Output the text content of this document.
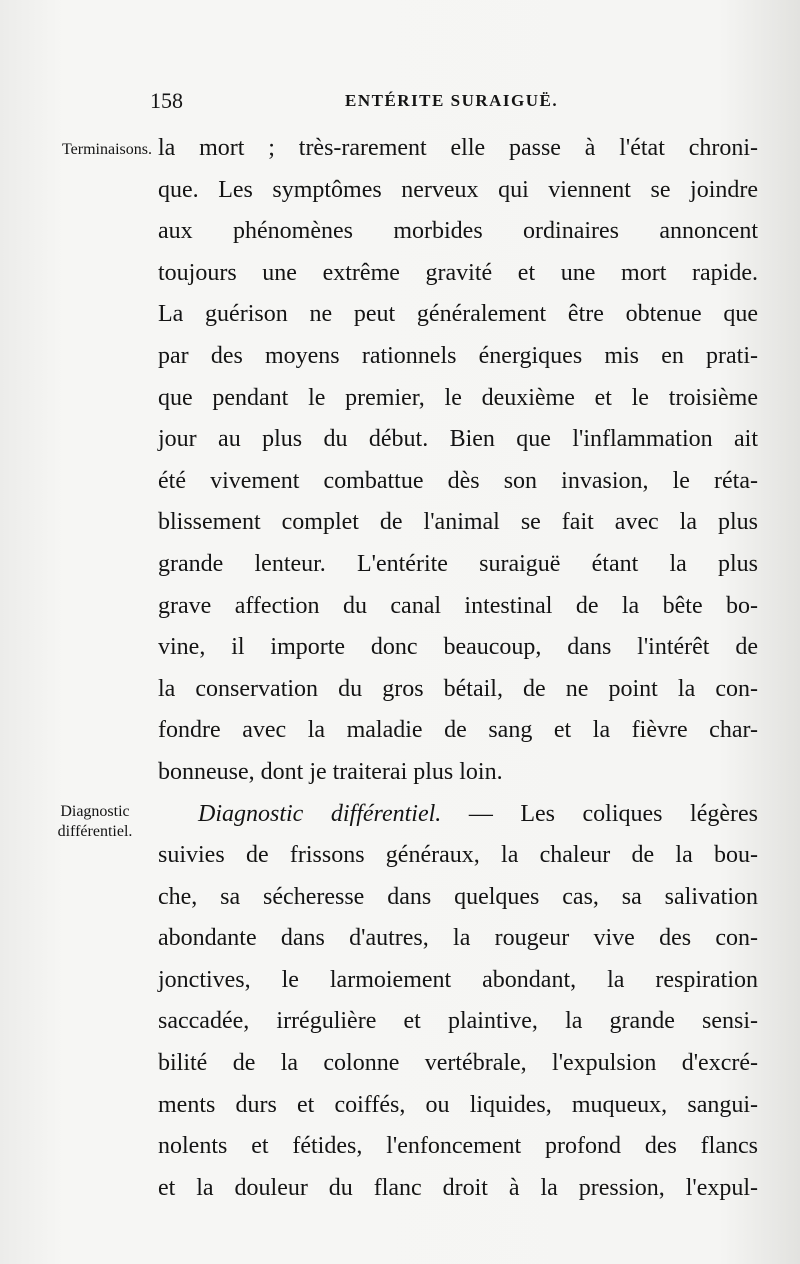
158	ENTÉRITE SURAIGUË.
Terminaisons.
Diagnostic
différentiel.
la mort ; très-rarement elle passe à l'état chroni-
que. Les symptômes nerveux qui viennent se joindre
aux phénomènes morbides ordinaires annoncent
toujours une extrême gravité et une mort rapide.
La guérison ne peut généralement être obtenue que
par des moyens rationnels énergiques mis en prati-
que pendant le premier, le deuxième et le troisième
jour au plus du début. Bien que l'inflammation ait
été vivement combattue dès son invasion, le réta-
blissement complet de l'animal se fait avec la plus
grande lenteur. L'entérite suraiguë étant la plus
grave affection du canal intestinal de la bête bo-
vine, il importe donc beaucoup, dans l'intérêt de
la conservation du gros bétail, de ne point la con-
fondre avec la maladie de sang et la fièvre char-
bonneuse, dont je traiterai plus loin.
Diagnostic différentiel. — Les coliques légères
suivies de frissons généraux, la chaleur de la bou-
che, sa sécheresse dans quelques cas, sa salivation
abondante dans d'autres, la rougeur vive des con-
jonctives, le larmoiement abondant, la respiration
saccadée, irrégulière et plaintive, la grande sensi-
bilité de la colonne vertébrale, l'expulsion d'excré-
ments durs et coiffés, ou liquides, muqueux, sangui-
nolents et fétides, l'enfoncement profond des flancs
et la douleur du flanc droit à la pression, l'expul-
